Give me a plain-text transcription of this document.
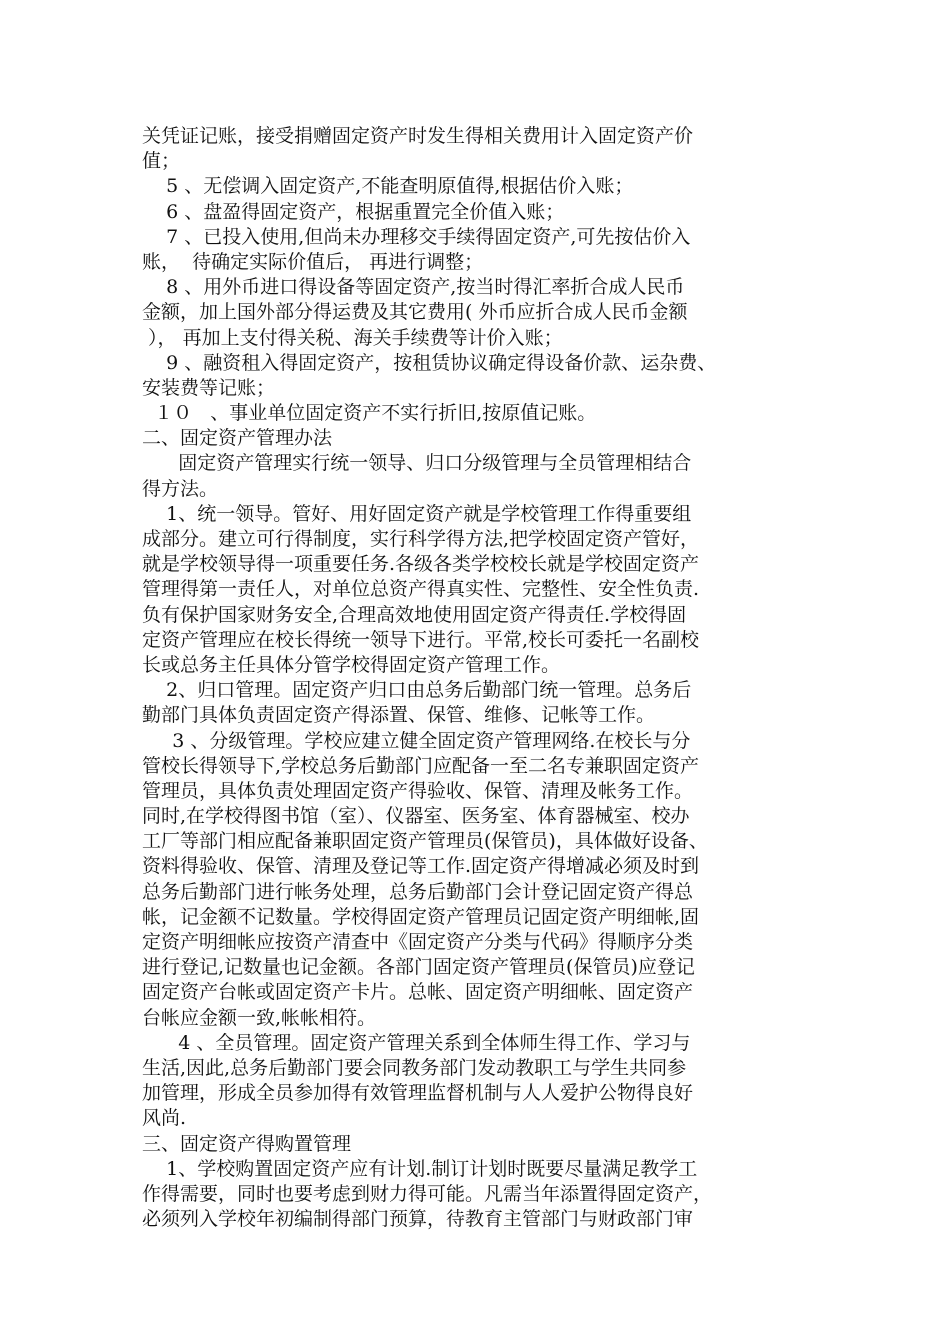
关凭证记账，接受捐赠固定资产时发生得相关费用计入固定资产价
值；
5 、无偿调入固定资产,不能查明原值得,根据估价入账；
6 、盘盈得固定资产，根据重置完全价值入账；
7 、已投入使用,但尚未办理移交手续得固定资产,可先按估价入
账，  待确定实际价值后， 再进行调整；
8 、用外币进口得设备等固定资产,按当时得汇率折合成人民币
金额，加上国外部分得运费及其它费用( 外币应折合成人民币金额
）， 再加上支付得关税、海关手续费等计价入账；
9 、融资租入得固定资产，按租赁协议确定得设备价款、运杂费、
安装费等记账；
１０   、事业单位固定资产不实行折旧,按原值记账。
二、固定资产管理办法
固定资产管理实行统一领导、归口分级管理与全员管理相结合
得方法。
1、统一领导。管好、用好固定资产就是学校管理工作得重要组
成部分。建立可行得制度，实行科学得方法,把学校固定资产管好，
就是学校领导得一项重要任务.各级各类学校校长就是学校固定资产
管理得第一责任人，对单位总资产得真实性、完整性、安全性负责.
负有保护国家财务安全,合理高效地使用固定资产得责任.学校得固
定资产管理应在校长得统一领导下进行。平常,校长可委托一名副校
长或总务主任具体分管学校得固定资产管理工作。
2、归口管理。固定资产归口由总务后勤部门统一管理。总务后
勤部门具体负责固定资产得添置、保管、维修、记帐等工作。
3 、分级管理。学校应建立健全固定资产管理网络.在校长与分
管校长得领导下,学校总务后勤部门应配备一至二名专兼职固定资产
管理员，具体负责处理固定资产得验收、保管、清理及帐务工作。
同时,在学校得图书馆（室）、仪器室、医务室、体育器械室、校办
工厂等部门相应配备兼职固定资产管理员(保管员)，具体做好设备、
资料得验收、保管、清理及登记等工作.固定资产得增减必须及时到
总务后勤部门进行帐务处理，总务后勤部门会计登记固定资产得总
帐，记金额不记数量。学校得固定资产管理员记固定资产明细帐,固
定资产明细帐应按资产清查中《固定资产分类与代码》得顺序分类
进行登记,记数量也记金额。各部门固定资产管理员(保管员)应登记
固定资产台帐或固定资产卡片。总帐、固定资产明细帐、固定资产
台帐应金额一致,帐帐相符。
4 、全员管理。固定资产管理关系到全体师生得工作、学习与
生活,因此,总务后勤部门要会同教务部门发动教职工与学生共同参
加管理，形成全员参加得有效管理监督机制与人人爱护公物得良好
风尚.
三、固定资产得购置管理
1、学校购置固定资产应有计划.制订计划时既要尽量满足教学工
作得需要，同时也要考虑到财力得可能。凡需当年添置得固定资产，
必须列入学校年初编制得部门预算，待教育主管部门与财政部门审
